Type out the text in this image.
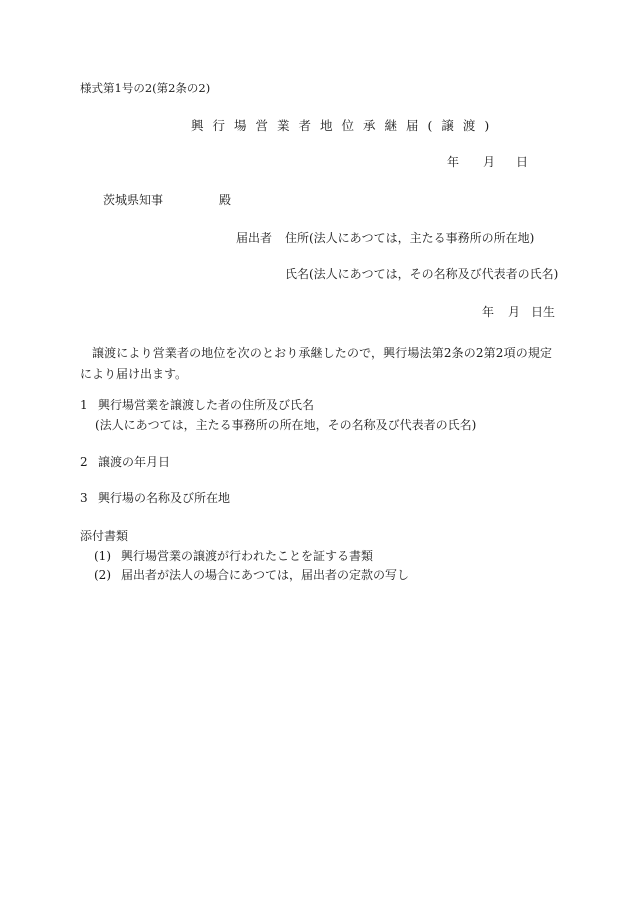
様式第1号の2(第2条の2)
興行場営業者地位承継届(譲渡)
年 月 日
茨城県知事	殿
届出者 住所(法人にあつては，主たる事務所の所在地)
氏名(法人にあつては，その名称及び代表者の氏名)
年 月 日生
譲渡により営業者の地位を次のとおり承継したので，興行場法第2条の2第2項の規定により届け出ます。
1 興行場営業を譲渡した者の住所及び氏名
(法人にあつては，主たる事務所の所在地，その名称及び代表者の氏名)
2 譲渡の年月日
3 興行場の名称及び所在地
添付書類
(1) 興行場営業の譲渡が行われたことを証する書類
(2) 届出者が法人の場合にあつては，届出者の定款の写し
